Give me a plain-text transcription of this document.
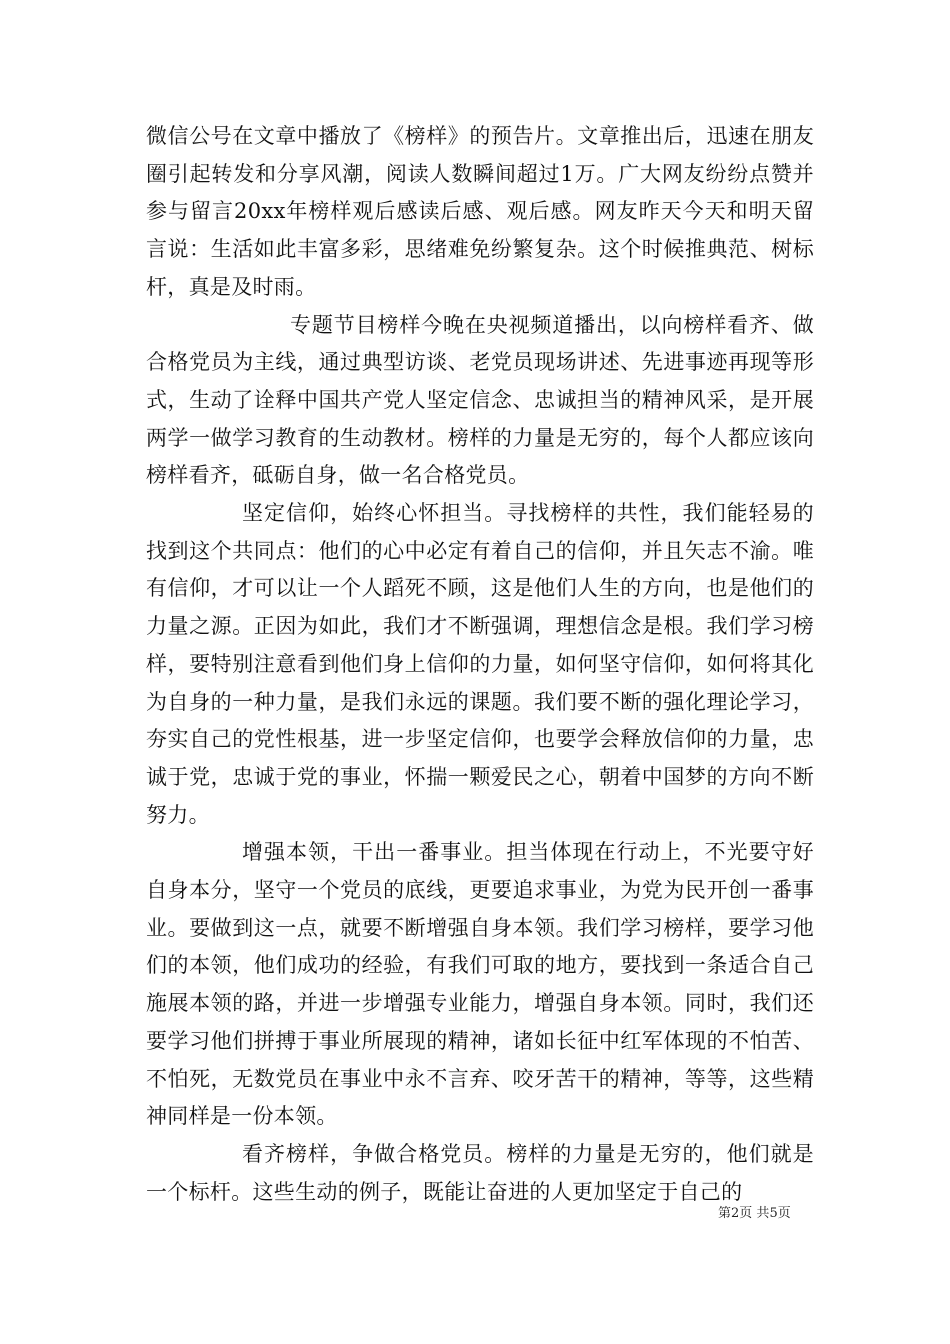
微信公号在文章中播放了《榜样》的预告片。文章推出后，迅速在朋友圈引起转发和分享风潮，阅读人数瞬间超过1万。广大网友纷纷点赞并参与留言20xx年榜样观后感读后感、观后感。网友昨天今天和明天留言说：生活如此丰富多彩，思绪难免纷繁复杂。这个时候推典范、树标杆，真是及时雨。

专题节目榜样今晚在央视频道播出，以向榜样看齐、做合格党员为主线，通过典型访谈、老党员现场讲述、先进事迹再现等形式，生动了诠释中国共产党人坚定信念、忠诚担当的精神风采，是开展两学一做学习教育的生动教材。榜样的力量是无穷的，每个人都应该向榜样看齐，砥砺自身，做一名合格党员。

坚定信仰，始终心怀担当。寻找榜样的共性，我们能轻易的找到这个共同点：他们的心中必定有着自己的信仰，并且矢志不渝。唯有信仰，才可以让一个人蹈死不顾，这是他们人生的方向，也是他们的力量之源。正因为如此，我们才不断强调，理想信念是根。我们学习榜样，要特别注意看到他们身上信仰的力量，如何坚守信仰，如何将其化为自身的一种力量，是我们永远的课题。我们要不断的强化理论学习，夯实自己的党性根基，进一步坚定信仰，也要学会释放信仰的力量，忠诚于党，忠诚于党的事业，怀揣一颗爱民之心，朝着中国梦的方向不断努力。

增强本领，干出一番事业。担当体现在行动上，不光要守好自身本分，坚守一个党员的底线，更要追求事业，为党为民开创一番事业。要做到这一点，就要不断增强自身本领。我们学习榜样，要学习他们的本领，他们成功的经验，有我们可取的地方，要找到一条适合自己施展本领的路，并进一步增强专业能力，增强自身本领。同时，我们还要学习他们拼搏于事业所展现的精神，诸如长征中红军体现的不怕苦、不怕死，无数党员在事业中永不言弃、咬牙苦干的精神，等等，这些精神同样是一份本领。

看齐榜样，争做合格党员。榜样的力量是无穷的，他们就是一个标杆。这些生动的例子，既能让奋进的人更加坚定于自己的

第2页 共5页
